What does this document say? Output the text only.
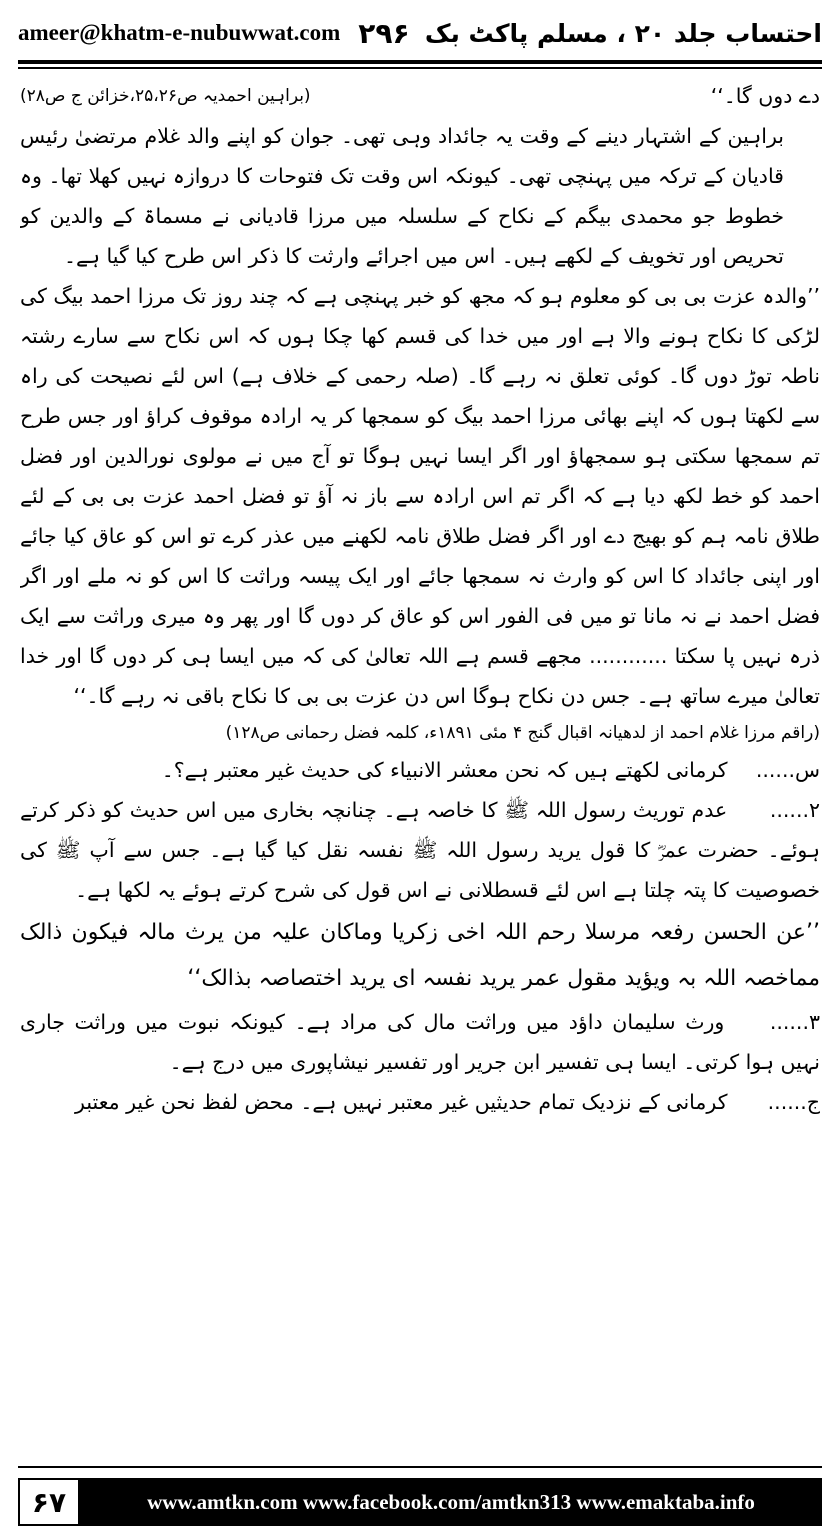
ameer@khatm-e-nubuwwat.com ۲۹۶ احتساب جلد ۲۰ ، مسلم پاکٹ بک
دے دوں گا۔‘‘
(براہین احمدیہ ص۲۵،۲۶،خزائن ج ص۲۸)

براہین کے اشتہار دینے کے وقت یہ جائداد وہی تھی۔ جوان کو اپنے والد غلام مرتضیٰ رئیس قادیان کے ترکہ میں پہنچی تھی۔ کیونکہ اس وقت تک فتوحات کا دروازہ نہیں کھلا تھا۔ وہ خطوط جو محمدی بیگم کے نکاح کے سلسلہ میں مرزا قادیانی نے مسماۃ کے والدین کو تحریص اور تخویف کے لکھے ہیں۔ اس میں اجرائے وارثت کا ذکر اس طرح کیا گیا ہے۔

’’والدہ عزت بی بی کو معلوم ہو کہ مجھ کو خبر پہنچی ہے کہ چند روز تک مرزا احمد بیگ کی لڑکی کا نکاح ہونے والا ہے اور میں خدا کی قسم کھا چکا ہوں کہ اس نکاح سے سارے رشتہ ناطہ توڑ دوں گا۔ کوئی تعلق نہ رہے گا۔ (صلہ رحمی کے خلاف ہے) اس لئے نصیحت کی راہ سے لکھتا ہوں کہ اپنے بھائی مرزا احمد بیگ کو سمجھا کر یہ ارادہ موقوف کراؤ اور جس طرح تم سمجھا سکتی ہو سمجھاؤ اور اگر ایسا نہیں ہوگا تو آج میں نے مولوی نورالدین اور فضل احمد کو خط لکھ دیا ہے کہ اگر تم اس ارادہ سے باز نہ آؤ تو فضل احمد عزت بی بی کے لئے طلاق نامہ ہم کو بھیج دے اور اگر فضل طلاق نامہ لکھنے میں عذر کرے تو اس کو عاق کیا جائے اور اپنی جائداد کا اس کو وارث نہ سمجھا جائے اور ایک پیسہ وراثت کا اس کو نہ ملے اور اگر فضل احمد نے نہ مانا تو میں فی الفور اس کو عاق کر دوں گا اور پھر وہ میری وراثت سے ایک ذرہ نہیں پا سکتا ............ مجھے قسم ہے اللہ تعالیٰ کی کہ میں ایسا ہی کر دوں گا اور خدا تعالیٰ میرے ساتھ ہے۔ جس دن نکاح ہوگا اس دن عزت بی بی کا نکاح باقی نہ رہے گا۔‘‘

(راقم مرزا غلام احمد از لدھیانہ اقبال گنج ۴ مئی ۱۸۹۱ء، کلمہ فضل رحمانی ص۱۲۸)

س...... کرمانی لکھتے ہیں کہ نحن معشر الانبیاء کی حدیث غیر معتبر ہے؟۔

۲...... عدم توریث رسول اللہ ﷺ کا خاصہ ہے۔ چنانچہ بخاری میں اس حدیث کو ذکر کرتے ہوئے۔ حضرت عمرؓ کا قول یرید رسول اللہ ﷺ نفسہ نقل کیا گیا ہے۔ جس سے آپ ﷺ کی خصوصیت کا پتہ چلتا ہے اس لئے قسطلانی نے اس قول کی شرح کرتے ہوئے یہ لکھا ہے۔

’’عن الحسن رفعہ مرسلا رحم اللہ اخی زکریا وماکان علیہ من یرث مالہ فیکون ذالک مماخصہ اللہ بہ ویؤید مقول عمر یرید نفسہ ای یرید اختصاصہ بذالک‘‘

۳...... ورث سلیمان داؤد میں وراثت مال کی مراد ہے۔ کیونکہ نبوت میں وراثت جاری نہیں ہوا کرتی۔ ایسا ہی تفسیر ابن جریر اور تفسیر نیشاپوری میں درج ہے۔

ج...... کرمانی کے نزدیک تمام حدیثیں غیر معتبر نہیں ہے۔ محض لفظ نحن غیر معتبر

۶۷	www.amtkn.com www.facebook.com/amtkn313 www.emaktaba.info
